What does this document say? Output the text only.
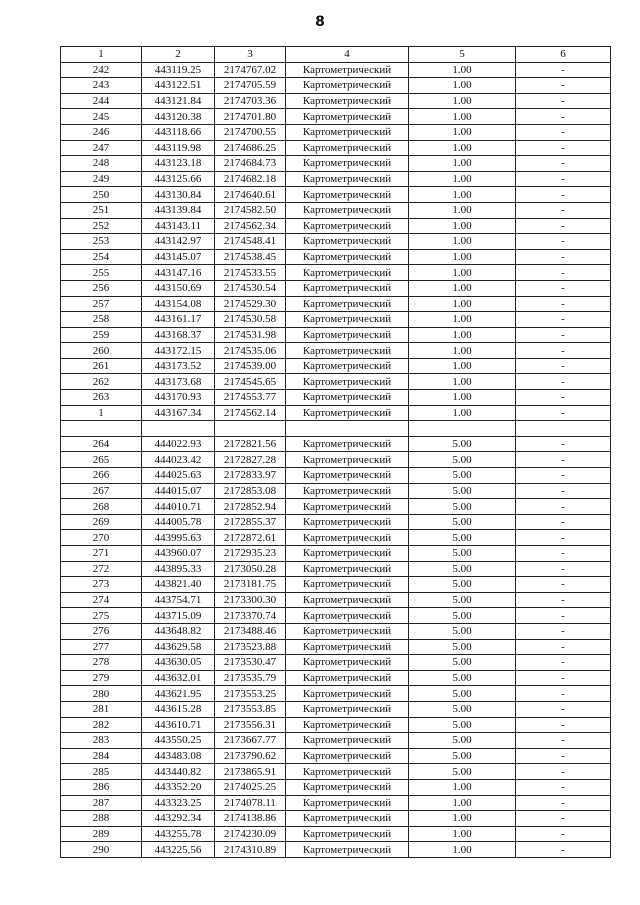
8
1	2	3	4	5	6
242	443119.25	2174767.02	Картометрический	1.00	-
243	443122.51	2174705.59	Картометрический	1.00	-
244	443121.84	2174703.36	Картометрический	1.00	-
245	443120.38	2174701.80	Картометрический	1.00	-
246	443118.66	2174700.55	Картометрический	1.00	-
247	443119.98	2174686.25	Картометрический	1.00	-
248	443123.18	2174684.73	Картометрический	1.00	-
249	443125.66	2174682.18	Картометрический	1.00	-
250	443130.84	2174640.61	Картометрический	1.00	-
251	443139.84	2174582.50	Картометрический	1.00	-
252	443143.11	2174562.34	Картометрический	1.00	-
253	443142.97	2174548.41	Картометрический	1.00	-
254	443145.07	2174538.45	Картометрический	1.00	-
255	443147.16	2174533.55	Картометрический	1.00	-
256	443150.69	2174530.54	Картометрический	1.00	-
257	443154.08	2174529.30	Картометрический	1.00	-
258	443161.17	2174530.58	Картометрический	1.00	-
259	443168.37	2174531.98	Картометрический	1.00	-
260	443172.15	2174535.06	Картометрический	1.00	-
261	443173.52	2174539.00	Картометрический	1.00	-
262	443173.68	2174545.65	Картометрический	1.00	-
263	443170.93	2174553.77	Картометрический	1.00	-
1	443167.34	2174562.14	Картометрический	1.00	-

264	444022.93	2172821.56	Картометрический	5.00	-
265	444023.42	2172827.28	Картометрический	5.00	-
266	444025.63	2172833.97	Картометрический	5.00	-
267	444015.07	2172853.08	Картометрический	5.00	-
268	444010.71	2172852.94	Картометрический	5.00	-
269	444005.78	2172855.37	Картометрический	5.00	-
270	443995.63	2172872.61	Картометрический	5.00	-
271	443960.07	2172935.23	Картометрический	5.00	-
272	443895.33	2173050.28	Картометрический	5.00	-
273	443821.40	2173181.75	Картометрический	5.00	-
274	443754.71	2173300.30	Картометрический	5.00	-
275	443715.09	2173370.74	Картометрический	5.00	-
276	443648.82	2173488.46	Картометрический	5.00	-
277	443629.58	2173523.88	Картометрический	5.00	-
278	443630.05	2173530.47	Картометрический	5.00	-
279	443632.01	2173535.79	Картометрический	5.00	-
280	443621.95	2173553.25	Картометрический	5.00	-
281	443615.28	2173553.85	Картометрический	5.00	-
282	443610.71	2173556.31	Картометрический	5.00	-
283	443550.25	2173667.77	Картометрический	5.00	-
284	443483.08	2173790.62	Картометрический	5.00	-
285	443440.82	2173865.91	Картометрический	5.00	-
286	443352.20	2174025.25	Картометрический	1.00	-
287	443323.25	2174078.11	Картометрический	1.00	-
288	443292.34	2174138.86	Картометрический	1.00	-
289	443255.78	2174230.09	Картометрический	1.00	-
290	443225.56	2174310.89	Картометрический	1.00	-
